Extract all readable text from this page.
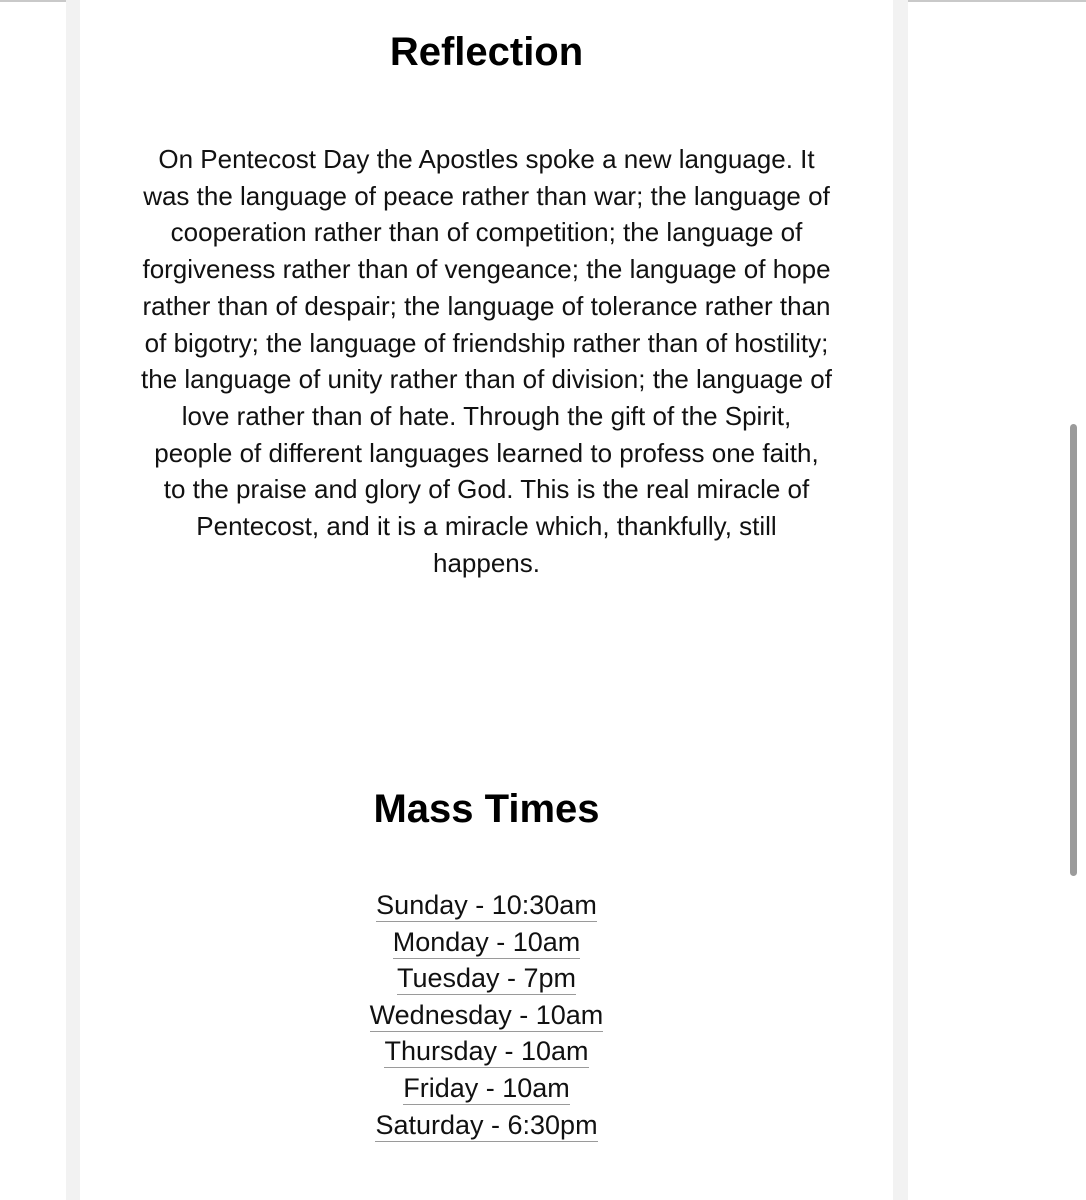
Reflection

On Pentecost Day the Apostles spoke a new language. It was the language of peace rather than war; the language of cooperation rather than of competition; the language of forgiveness rather than of vengeance; the language of hope rather than of despair; the language of tolerance rather than of bigotry; the language of friendship rather than of hostility; the language of unity rather than of division; the language of love rather than of hate. Through the gift of the Spirit, people of different languages learned to profess one faith, to the praise and glory of God. This is the real miracle of Pentecost, and it is a miracle which, thankfully, still happens.

Mass Times
Sunday - 10:30am
Monday - 10am
Tuesday - 7pm
Wednesday - 10am
Thursday - 10am
Friday - 10am
Saturday - 6:30pm
